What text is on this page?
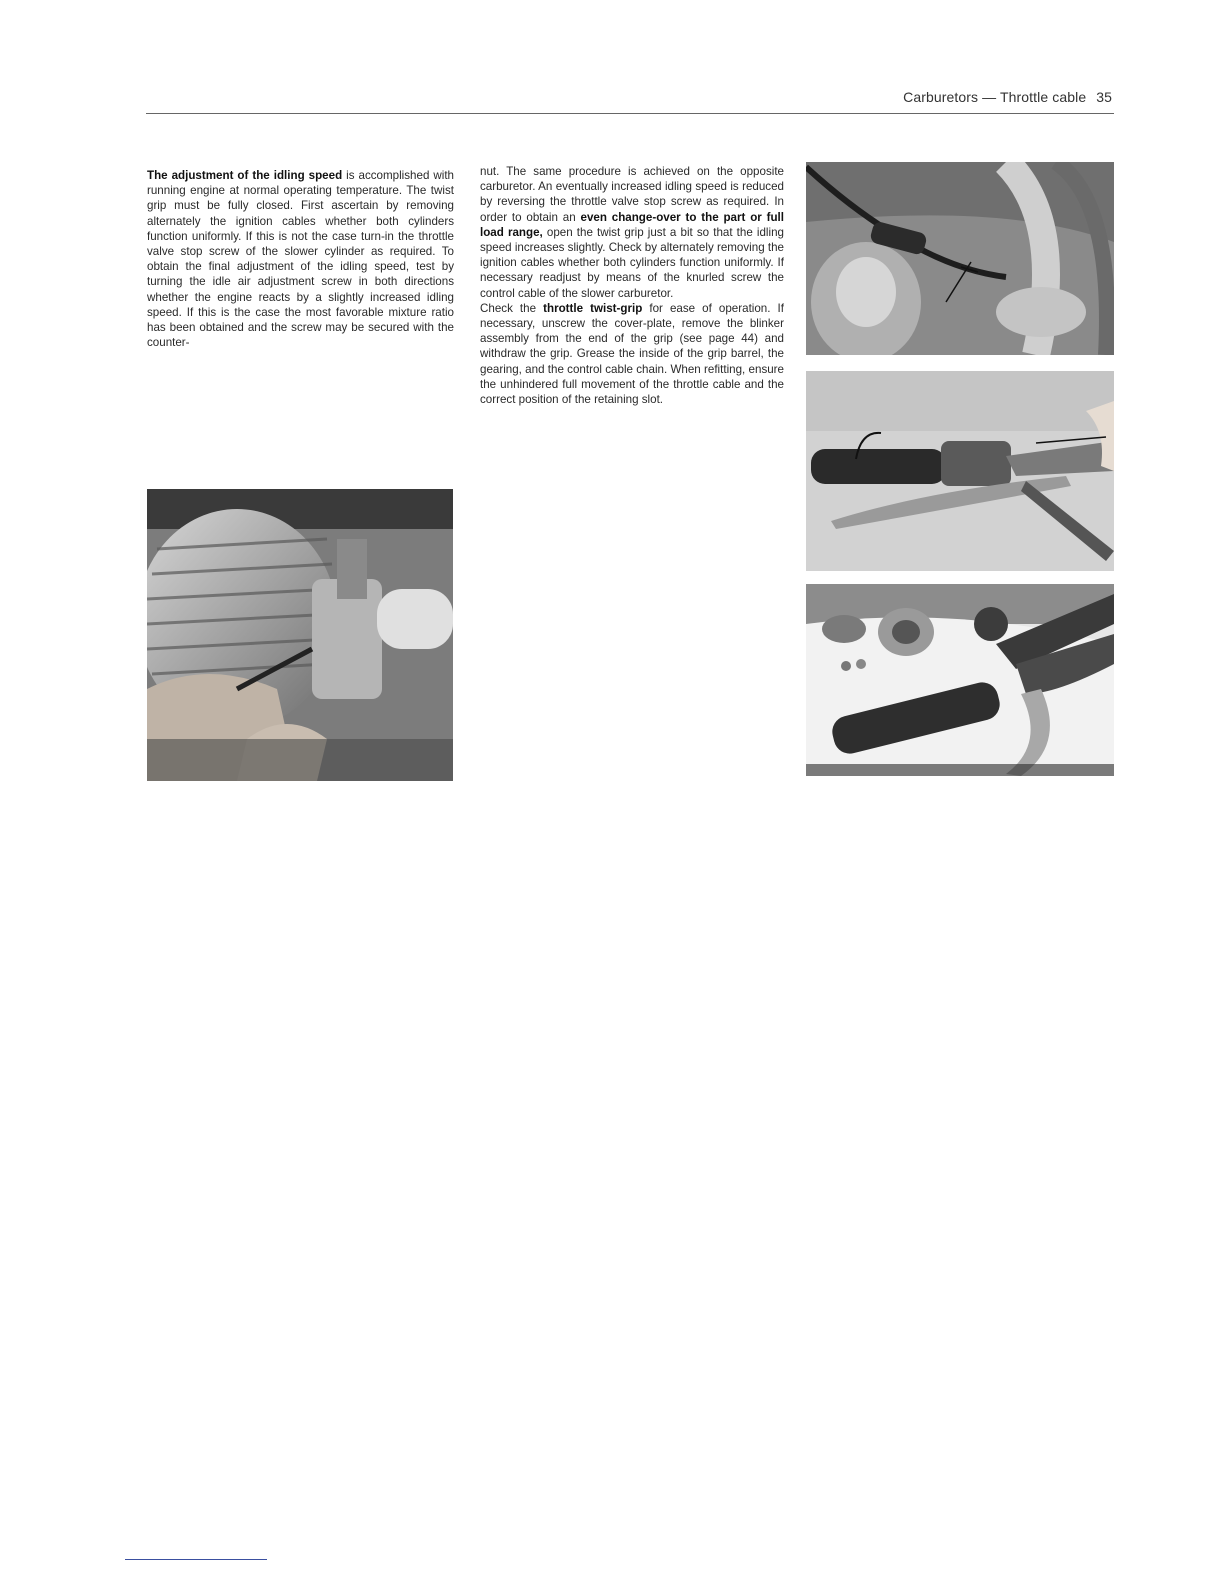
Carburetors — Throttle cable 35

The adjustment of the idling speed is accomplished with running engine at normal operating temperature. The twist grip must be fully closed. First ascertain by removing alternately the ignition cables whether both cylinders function uniformly. If this is not the case turn-in the throttle valve stop screw of the slower cylinder as required. To obtain the final adjustment of the idling speed, test by turning the idle air adjustment screw in both directions whether the engine reacts by a slightly increased idling speed. If this is the case the most favorable mixture ratio has been obtained and the screw may be secured with the counter-

nut. The same procedure is achieved on the opposite carburetor. An eventually increased idling speed is reduced by reversing the throttle valve stop screw as required. In order to obtain an even change-over to the part or full load range, open the twist grip just a bit so that the idling speed increases slightly. Check by alternately removing the ignition cables whether both cylinders function uniformly. If necessary readjust by means of the knurled screw the control cable of the slower carburetor.

Check the throttle twist-grip for ease of operation. If necessary, unscrew the cover-plate, remove the blinker assembly from the end of the grip (see page 44) and withdraw the grip. Grease the inside of the grip barrel, the gearing, and the control cable chain. When refitting, ensure the unhindered full movement of the throttle cable and the correct position of the retaining slot.
